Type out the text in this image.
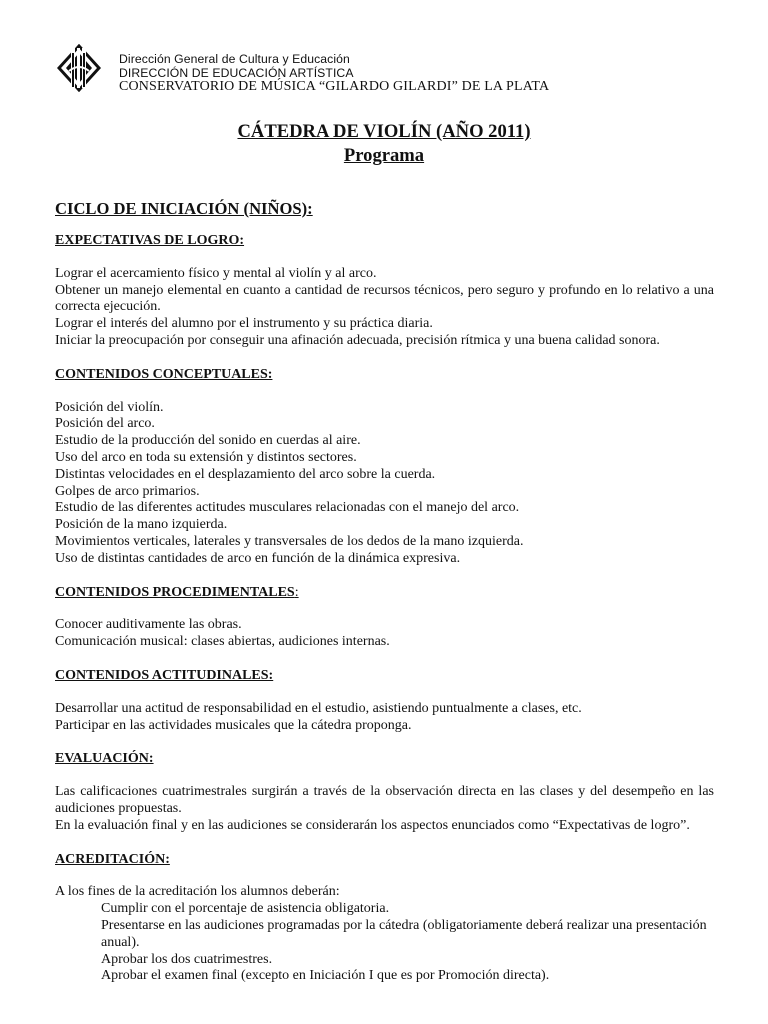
Dirección General de Cultura y Educación
DIRECCIÓN DE EDUCACIÓN ARTÍSTICA
CONSERVATORIO DE MÚSICA “GILARDO GILARDI” DE LA PLATA
CÁTEDRA DE VIOLÍN (AÑO 2011)
Programa
CICLO DE INICIACIÓN (NIÑOS):
EXPECTATIVAS DE LOGRO:

Lograr el acercamiento físico y mental al violín y al arco.

Obtener un manejo elemental en cuanto a cantidad de recursos técnicos, pero seguro y profundo en lo relativo a una correcta ejecución.

Lograr el interés del alumno por el instrumento y su práctica diaria.

Iniciar la preocupación por conseguir una afinación adecuada, precisión rítmica y una buena calidad sonora.

CONTENIDOS CONCEPTUALES:

Posición del violín.

Posición del arco.

Estudio de la producción del sonido en cuerdas al aire.

Uso del arco en toda su extensión y distintos sectores.

Distintas velocidades en el desplazamiento del arco sobre la cuerda.

Golpes de arco primarios.

Estudio de las diferentes actitudes musculares relacionadas con el manejo del arco.

Posición de la mano izquierda.

Movimientos verticales, laterales y transversales de los dedos de la mano izquierda.

Uso de distintas cantidades de arco en función de la dinámica expresiva.

CONTENIDOS PROCEDIMENTALES:

Conocer auditivamente las obras.

Comunicación musical: clases abiertas, audiciones internas.

CONTENIDOS ACTITUDINALES:

Desarrollar una actitud de responsabilidad en el estudio, asistiendo puntualmente a clases, etc.

Participar en las actividades musicales que la cátedra proponga.

EVALUACIÓN:

Las calificaciones cuatrimestrales surgirán a través de la observación directa en las clases y del desempeño en las audiciones propuestas.

En la evaluación final y en las audiciones se considerarán los aspectos enunciados como “Expectativas de logro”.

ACREDITACIÓN:

A los fines de la acreditación los alumnos deberán:

Cumplir con el porcentaje de asistencia obligatoria.

Presentarse en las audiciones programadas por la cátedra (obligatoriamente deberá realizar una presentación anual).

Aprobar los dos cuatrimestres.

Aprobar el examen final (excepto en Iniciación I que es por Promoción directa).
